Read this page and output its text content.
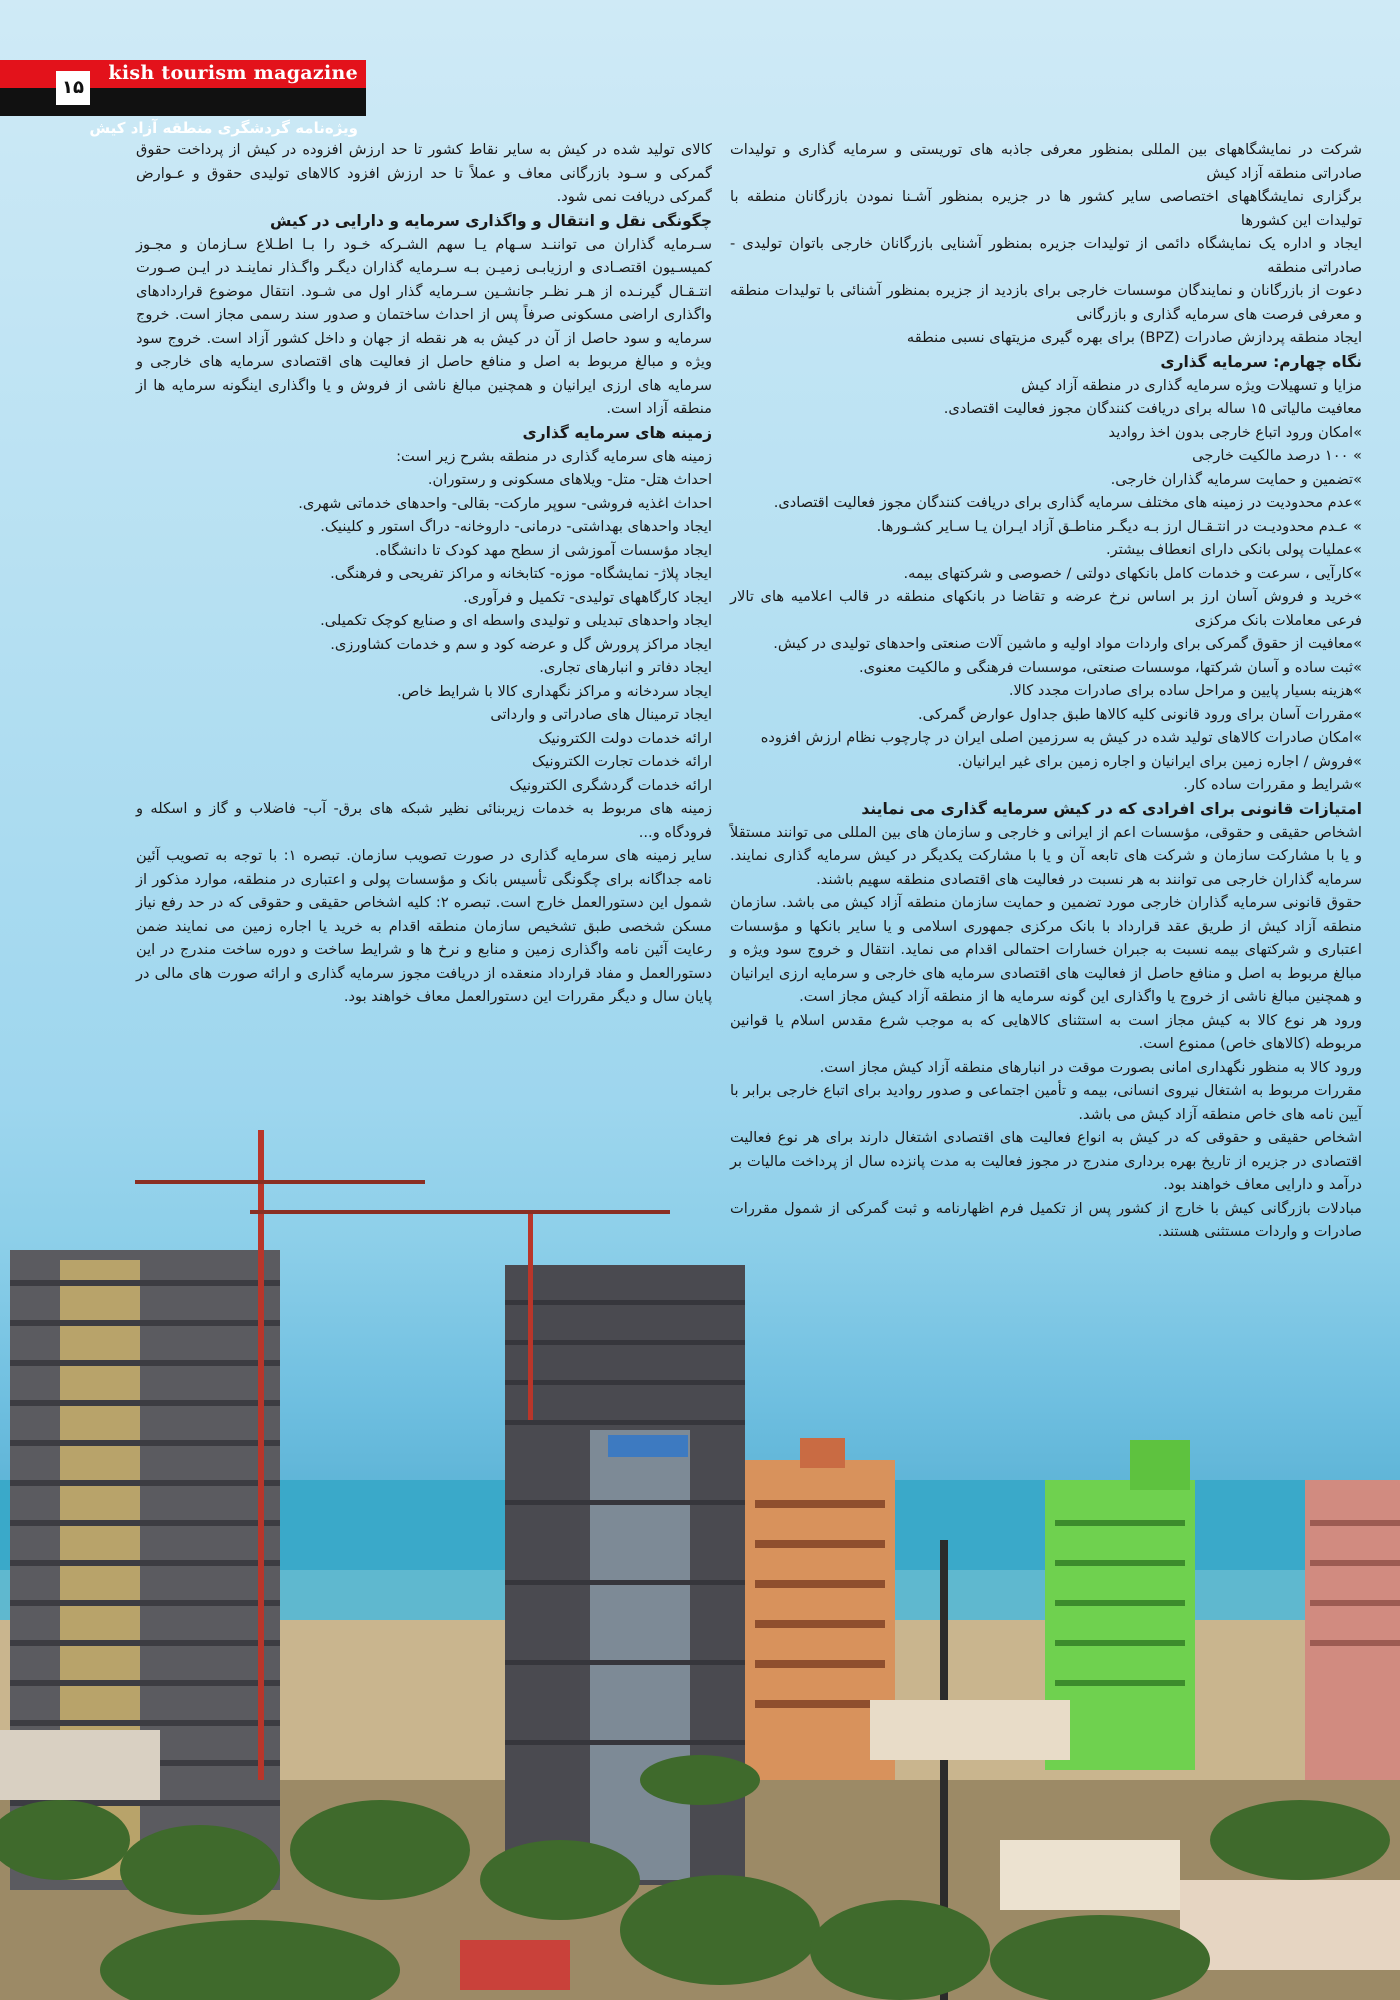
kish tourism magazine
ویژه‌نامه گردشگری منطقه آزاد کیش
۱۵

شرکت در نمایشگاههای بین المللی بمنظور معرفی جاذبه های توریستی و سرمایه گذاری و تولیدات صادراتی منطقه آزاد کیش

برگزاری نمایشگاههای اختصاصی سایر کشور ها در جزیره بمنظور آشـنا نمودن بازرگانان منطقه با تولیدات این کشورها

ایجاد و اداره یک نمایشگاه دائمی از تولیدات جزیره بمنظور آشنایی بازرگانان خارجی باتوان تولیدی - صادراتی منطقه

دعوت از بازرگانان و نمایندگان موسسات خارجی برای بازدید از جزیره بمنظور آشنائی با تولیدات منطقه و معرفی فرصت های سرمایه گذاری و بازرگانی

ایجاد منطقه پردازش صادرات (BPZ) برای بهره گیری مزیتهای نسبی منطقه

نگاه چهارم: سرمایه گذاری

مزایا و تسهیلات ویژه سرمایه گذاری در منطقه آزاد کیش

معافیت مالیاتی ۱۵ ساله برای دریافت کنندگان مجوز فعالیت اقتصادی.

»امکان ورود اتباع خارجی بدون اخذ روادید

» ۱۰۰ درصد مالکیت خارجی

»تضمین و حمایت سرمایه گذاران خارجی.

»عدم محدودیت در زمینه های مختلف سرمایه گذاری برای دریافت کنندگان مجوز فعالیت اقتصادی.

» عـدم محدودیـت در انتـقـال ارز بـه دیگـر مناطـق آزاد ایـران یـا سـایر کشـورها.

»عملیات پولی بانکی دارای انعطاف بیشتر.

»کارآیی ، سرعت و خدمات کامل بانکهای دولتی / خصوصی و شرکتهای بیمه.

»خرید و فروش آسان ارز بر اساس نرخ عرضه و تقاضا در بانکهای منطقه در قالب اعلامیه های تالار فرعی معاملات بانک مرکزی

»معافیت از حقوق گمرکی برای واردات مواد اولیه و ماشین آلات صنعتی واحدهای تولیدی در کیش.

»ثبت ساده و آسان شرکتها، موسسات صنعتی، موسسات فرهنگی و مالکیت معنوی.

»هزینه بسیار پایین و مراحل ساده برای صادرات مجدد کالا.

»مقررات آسان برای ورود قانونی کلیه کالاها طبق جداول عوارض گمرکی.

»امکان صادرات کالاهای تولید شده در کیش به سرزمین اصلی ایران در چارچوب نظام ارزش افزوده

»فروش / اجاره زمین برای ایرانیان و اجاره زمین برای غیر ایرانیان.

»شرایط و مقررات ساده کار.

امتیازات قانونی برای افرادی که در کیش سرمایه گذاری می نمایند

اشخاص حقیقی و حقوقی، مؤسسات اعم از ایرانی و خارجی و سازمان های بین المللی می توانند مستقلاً و یا با مشارکت سازمان و شرکت های تابعه آن و یا با مشارکت یکدیگر در کیش سرمایه گذاری نمایند. سرمایه گذاران خارجی می توانند به هر نسبت در فعالیت های اقتصادی منطقه سهیم باشند.

حقوق قانونی سرمایه گذاران خارجی مورد تضمین و حمایت سازمان منطقه آزاد کیش می باشد. سازمان منطقه آزاد کیش از طریق عقد قرارداد با بانک مرکزی جمهوری اسلامی و یا سایر بانکها و مؤسسات اعتباری و شرکتهای بیمه نسبت به جبران خسارات احتمالی اقدام می نماید. انتقال و خروج سود ویژه و مبالغ مربوط به اصل و منافع حاصل از فعالیت های اقتصادی سرمایه های خارجی و سرمایه ارزی ایرانیان و همچنین مبالغ ناشی از خروج یا واگذاری این گونه سرمایه ها از منطقه آزاد کیش مجاز است.

ورود هر نوع کالا به کیش مجاز است به استثنای کالاهایی که به موجب شرع مقدس اسلام یا قوانین مربوطه (کالاهای خاص) ممنوع است.

ورود کالا به منظور نگهداری امانی بصورت موقت در انبارهای منطقه آزاد کیش مجاز است.

مقررات مربوط به اشتغال نیروی انسانی، بیمه و تأمین اجتماعی و صدور روادید برای اتباع خارجی برابر با آیین نامه های خاص منطقه آزاد کیش می باشد.

اشخاص حقیقی و حقوقی که در کیش به انواع فعالیت های اقتصادی اشتغال دارند برای هر نوع فعالیت اقتصادی در جزیره از تاریخ بهره برداری مندرج در مجوز فعالیت به مدت پانزده سال از پرداخت مالیات بر درآمد و دارایی معاف خواهند بود.

مبادلات بازرگانی کیش با خارج از کشور پس از تکمیل فرم اظهارنامه و ثبت گمرکی از شمول مقررات صادرات و واردات مستثنی هستند.

کالای تولید شده در کیش به سایر نقاط کشور تا حد ارزش افزوده در کیش از پرداخت حقوق گمرکی و سـود بازرگانی معاف و عملاً تا حد ارزش افزود کالاهای تولیدی حقوق و عـوارض گمرکی دریافت نمی شود.

چگونگی نقل و انتقال و واگذاری سرمایه و دارایی در کیش

سـرمایه گذاران می تواننـد سـهام یـا سهم الشـرکه خـود را بـا اطـلاع سـازمان و مجـوز کمیسـیون اقتصـادی و ارزیابـی زمیـن بـه سـرمایه گذاران دیگـر واگـذار نماینـد در ایـن صـورت انتـقـال گیرنـده از هـر نظـر جانشـین سـرمایه گذار اول می شـود. انتقال موضوع قراردادهای واگذاری اراضی مسکونی صرفاً پس از احداث ساختمان و صدور سند رسمی مجاز است. خروج سرمایه و سود حاصل از آن در کیش به هر نقطه از جهان و داخل کشور آزاد است. خروج سود ویژه و مبالغ مربوط به اصل و منافع حاصل از فعالیت های اقتصادی سرمایه های خارجی و سرمایه های ارزی ایرانیان و همچنین مبالغ ناشی از فروش و یا واگذاری اینگونه سرمایه ها از منطقه آزاد است.

زمینه های سرمایه گذاری

زمینه های سرمایه گذاری در منطقه بشرح زیر است:

احداث هتل- متل- ویلاهای مسکونی و رستوران.

احداث اغذیه فروشی- سوپر مارکت- بقالی- واحدهای خدماتی شهری.

ایجاد واحدهای بهداشتی- درمانی- داروخانه- دراگ استور و کلینیک.

ایجاد مؤسسات آموزشی از سطح مهد کودک تا دانشگاه.

ایجاد پلاژ- نمایشگاه- موزه- کتابخانه و مراکز تفریحی و فرهنگی.

ایجاد کارگاههای تولیدی- تکمیل و فرآوری.

ایجاد واحدهای تبدیلی و تولیدی واسطه ای و صنایع کوچک تکمیلی.

ایجاد مراکز پرورش گل و عرضه کود و سم و خدمات کشاورزی.

ایجاد دفاتر و انبارهای تجاری.

ایجاد سردخانه و مراکز نگهداری کالا با شرایط خاص.

ایجاد ترمینال های صادراتی و وارداتی

ارائه خدمات دولت الکترونیک

ارائه خدمات تجارت الکترونیک

ارائه خدمات گردشگری الکترونیک

زمینه های مربوط به خدمات زیربنائی نظیر شبکه های برق- آب- فاضلاب و گاز و اسکله و فرودگاه و...

سایر زمینه های سرمایه گذاری در صورت تصویب سازمان. تبصره ۱: با توجه به تصویب آئین نامه جداگانه برای چگونگی تأسیس بانک و مؤسسات پولی و اعتباری در منطقه، موارد مذکور از شمول این دستورالعمل خارج است. تبصره ۲: کلیه اشخاص حقیقی و حقوقی که در حد رفع نیاز مسکن شخصی طبق تشخیص سازمان منطقه اقدام به خرید یا اجاره زمین می نمایند ضمن رعایت آئین نامه واگذاری زمین و منابع و نرخ ها و شرایط ساخت و دوره ساخت مندرج در این دستورالعمل و مفاد قرارداد منعقده از دریافت مجوز سرمایه گذاری و ارائه صورت های مالی در پایان سال و دیگر مقررات این دستورالعمل معاف خواهند بود.
